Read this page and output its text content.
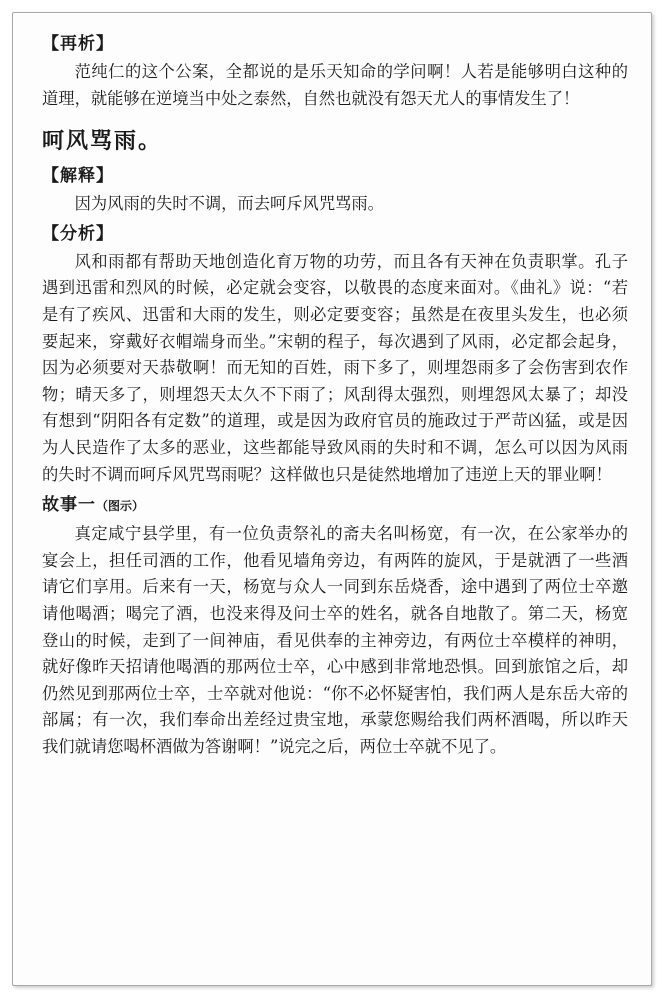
【再析】

范纯仁的这个公案，全都说的是乐天知命的学问啊！人若是能够明白这种的道理，就能够在逆境当中处之泰然，自然也就没有怨天尤人的事情发生了！

呵风骂雨。
【解释】

因为风雨的失时不调，而去呵斥风咒骂雨。

【分析】

风和雨都有帮助天地创造化育万物的功劳，而且各有天神在负责职掌。孔子遇到迅雷和烈风的时候，必定就会变容，以敬畏的态度来面对。《曲礼》说：“若是有了疾风、迅雷和大雨的发生，则必定要变容；虽然是在夜里头发生，也必须要起来，穿戴好衣帽端身而坐。”宋朝的程子，每次遇到了风雨，必定都会起身，因为必须要对天恭敬啊！而无知的百姓，雨下多了，则埋怨雨多了会伤害到农作物；晴天多了，则埋怨天太久不下雨了；风刮得太强烈，则埋怨风太暴了；却没有想到“阴阳各有定数”的道理，或是因为政府官员的施政过于严苛凶猛，或是因为人民造作了太多的恶业，这些都能导致风雨的失时和不调，怎么可以因为风雨的失时不调而呵斥风咒骂雨呢？这样做也只是徒然地增加了违逆上天的罪业啊！

故事一（图示）

真定咸宁县学里，有一位负责祭礼的斋夫名叫杨宽，有一次，在公家举办的宴会上，担任司酒的工作，他看见墙角旁边，有两阵的旋风，于是就洒了一些酒请它们享用。后来有一天，杨宽与众人一同到东岳烧香，途中遇到了两位士卒邀请他喝酒；喝完了酒，也没来得及问士卒的姓名，就各自地散了。第二天，杨宽登山的时候，走到了一间神庙，看见供奉的主神旁边，有两位士卒模样的神明，就好像昨天招请他喝酒的那两位士卒，心中感到非常地恐惧。回到旅馆之后，却仍然见到那两位士卒，士卒就对他说：“你不必怀疑害怕，我们两人是东岳大帝的部属；有一次，我们奉命出差经过贵宝地，承蒙您赐给我们两杯酒喝，所以昨天我们就请您喝杯酒做为答谢啊！”说完之后，两位士卒就不见了。
